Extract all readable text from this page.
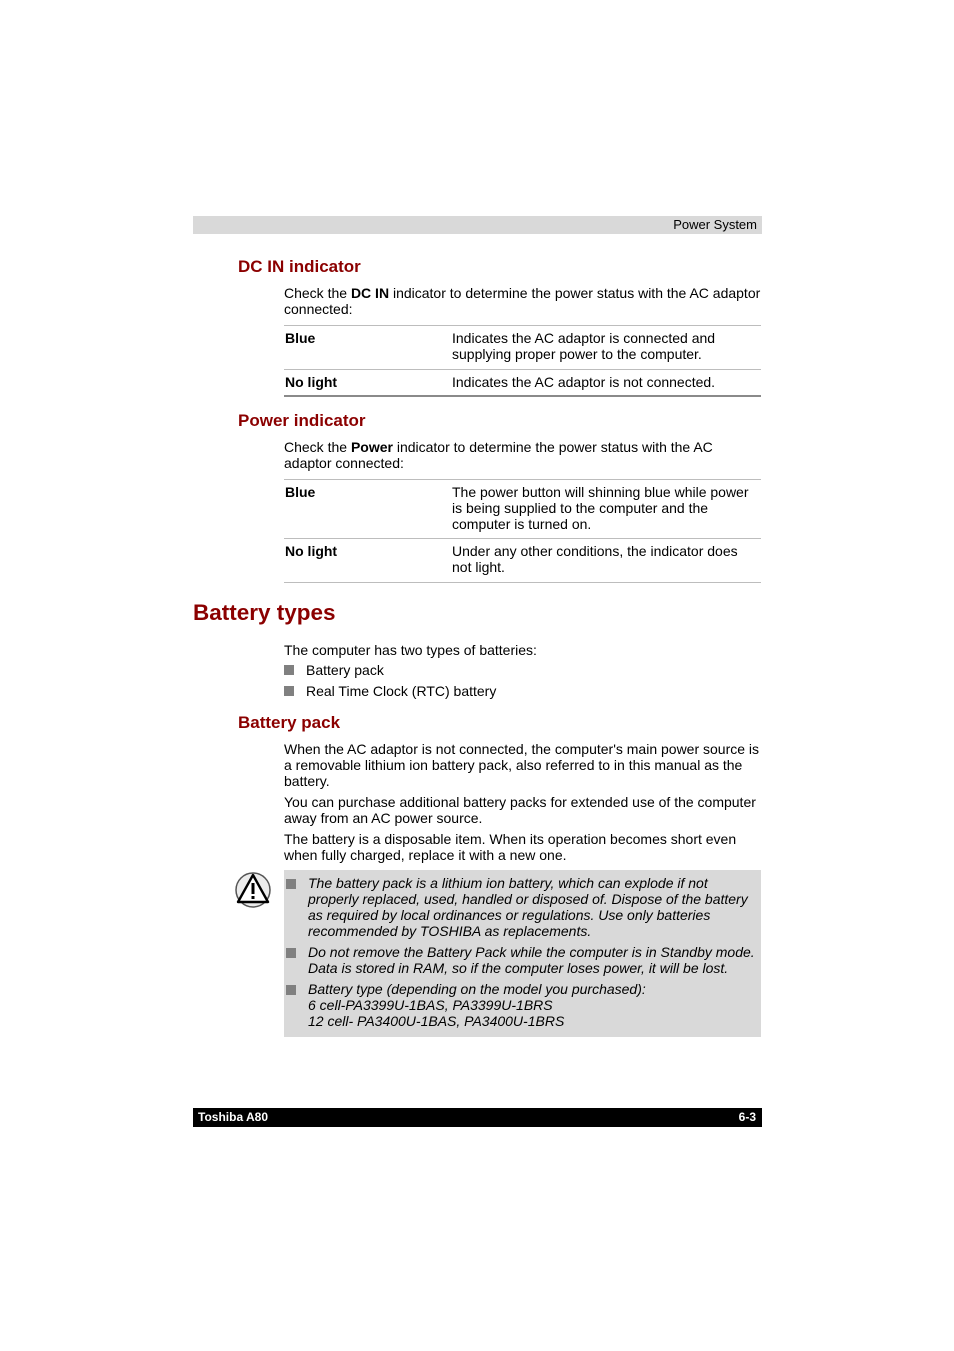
Power System
DC IN indicator
Check the DC IN indicator to determine the power status with the AC adaptor connected:
Blue	Indicates the AC adaptor is connected and supplying proper power to the computer.
No light	Indicates the AC adaptor is not connected.
Power indicator
Check the Power indicator to determine the power status with the AC adaptor connected:
Blue	The power button will shinning blue while power is being supplied to the computer and the computer is turned on.
No light	Under any other conditions, the indicator does not light.
Battery types
The computer has two types of batteries:
Battery pack
Real Time Clock (RTC) battery
Battery pack
When the AC adaptor is not connected, the computer's main power source is a removable lithium ion battery pack, also referred to in this manual as the battery.
You can purchase additional battery packs for extended use of the computer away from an AC power source.
The battery is a disposable item. When its operation becomes short even when fully charged, replace it with a new one.
The battery pack is a lithium ion battery, which can explode if not properly replaced, used, handled or disposed of. Dispose of the battery as required by local ordinances or regulations. Use only batteries recommended by TOSHIBA as replacements.
Do not remove the Battery Pack while the computer is in Standby mode. Data is stored in RAM, so if the computer loses power, it will be lost.
Battery type (depending on the model you purchased):
6 cell-PA3399U-1BAS, PA3399U-1BRS
12 cell- PA3400U-1BAS, PA3400U-1BRS
Toshiba A80	6-3
